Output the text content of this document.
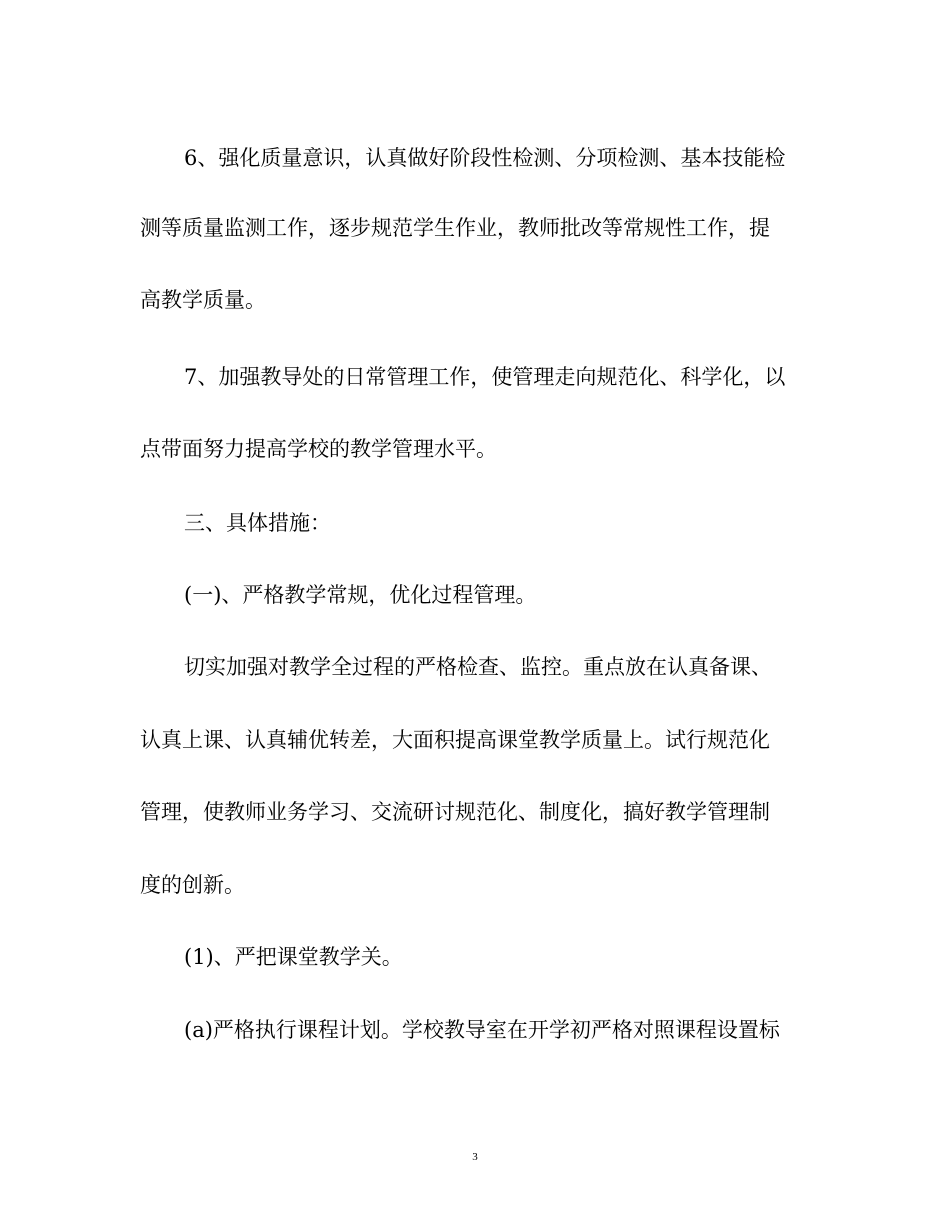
6、强化质量意识，认真做好阶段性检测、分项检测、基本技能检
测等质量监测工作，逐步规范学生作业，教师批改等常规性工作，提
高教学质量。
7、加强教导处的日常管理工作，使管理走向规范化、科学化，以
点带面努力提高学校的教学管理水平。
三、具体措施：
(一)、严格教学常规，优化过程管理。
切实加强对教学全过程的严格检查、监控。重点放在认真备课、
认真上课、认真辅优转差，大面积提高课堂教学质量上。试行规范化
管理，使教师业务学习、交流研讨规范化、制度化，搞好教学管理制
度的创新。
(1)、严把课堂教学关。
(a)严格执行课程计划。学校教导室在开学初严格对照课程设置标
3
